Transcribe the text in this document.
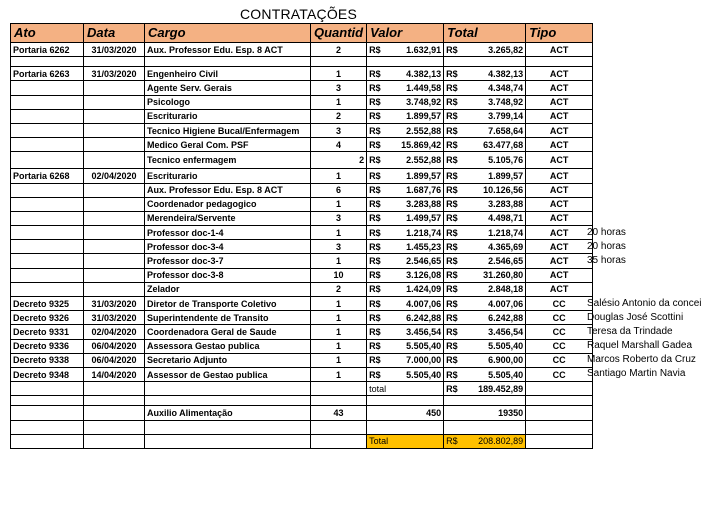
CONTRATAÇÕES
Ato	Data	Cargo	Quantid	Valor	Total	Tipo
Portaria 6262	31/03/2020	Aux. Professor Edu. Esp. 8 ACT	2	R$ 1.632,91	R$ 3.265,82	ACT

Portaria 6263	31/03/2020	Engenheiro Civil	1	R$ 4.382,13	R$ 4.382,13	ACT
		Agente Serv. Gerais	3	R$ 1.449,58	R$ 4.348,74	ACT
		Psicologo	1	R$ 3.748,92	R$ 3.748,92	ACT
		Escriturario	2	R$ 1.899,57	R$ 3.799,14	ACT
		Tecnico Higiene Bucal/Enfermagem	3	R$ 2.552,88	R$ 7.658,64	ACT
		Medico Geral Com. PSF	4	R$ 15.869,42	R$ 63.477,68	ACT
		Tecnico enfermagem	2	R$ 2.552,88	R$ 5.105,76	ACT
Portaria 6268	02/04/2020	Escriturario	1	R$ 1.899,57	R$ 1.899,57	ACT
		Aux. Professor Edu. Esp. 8 ACT	6	R$ 1.687,76	R$ 10.126,56	ACT
		Coordenador pedagogico	1	R$ 3.283,88	R$ 3.283,88	ACT
		Merendeira/Servente	3	R$ 1.499,57	R$ 4.498,71	ACT
		Professor doc-1-4	1	R$ 1.218,74	R$ 1.218,74	ACT
		Professor doc-3-4	3	R$ 1.455,23	R$ 4.365,69	ACT
		Professor doc-3-7	1	R$ 2.546,65	R$ 2.546,65	ACT
		Professor doc-3-8	10	R$ 3.126,08	R$ 31.260,80	ACT
		Zelador	2	R$ 1.424,09	R$ 2.848,18	ACT
Decreto 9325	31/03/2020	Diretor de Transporte Coletivo	1	R$ 4.007,06	R$ 4.007,06	CC
Decreto 9326	31/03/2020	Superintendente de Transito	1	R$ 6.242,88	R$ 6.242,88	CC
Decreto 9331	02/04/2020	Coordenadora Geral de Saude	1	R$ 3.456,54	R$ 3.456,54	CC
Decreto 9336	06/04/2020	Assessora Gestao publica	1	R$ 5.505,40	R$ 5.505,40	CC
Decreto 9338	06/04/2020	Secretario Adjunto	1	R$ 7.000,00	R$ 6.900,00	CC
Decreto 9348	14/04/2020	Assessor de Gestao publica	1	R$ 5.505,40	R$ 5.505,40	CC
				total	R$ 189.452,89	

		Auxilio Alimentação	43	450	19350	

				Total	R$ 208.802,89	

20 horas
20 horas
35 horas
Salésio Antonio da concei
Douglas José Scottini
Teresa da Trindade
Raquel Marshall Gadea
Marcos Roberto da Cruz
Santiago Martin Navia
